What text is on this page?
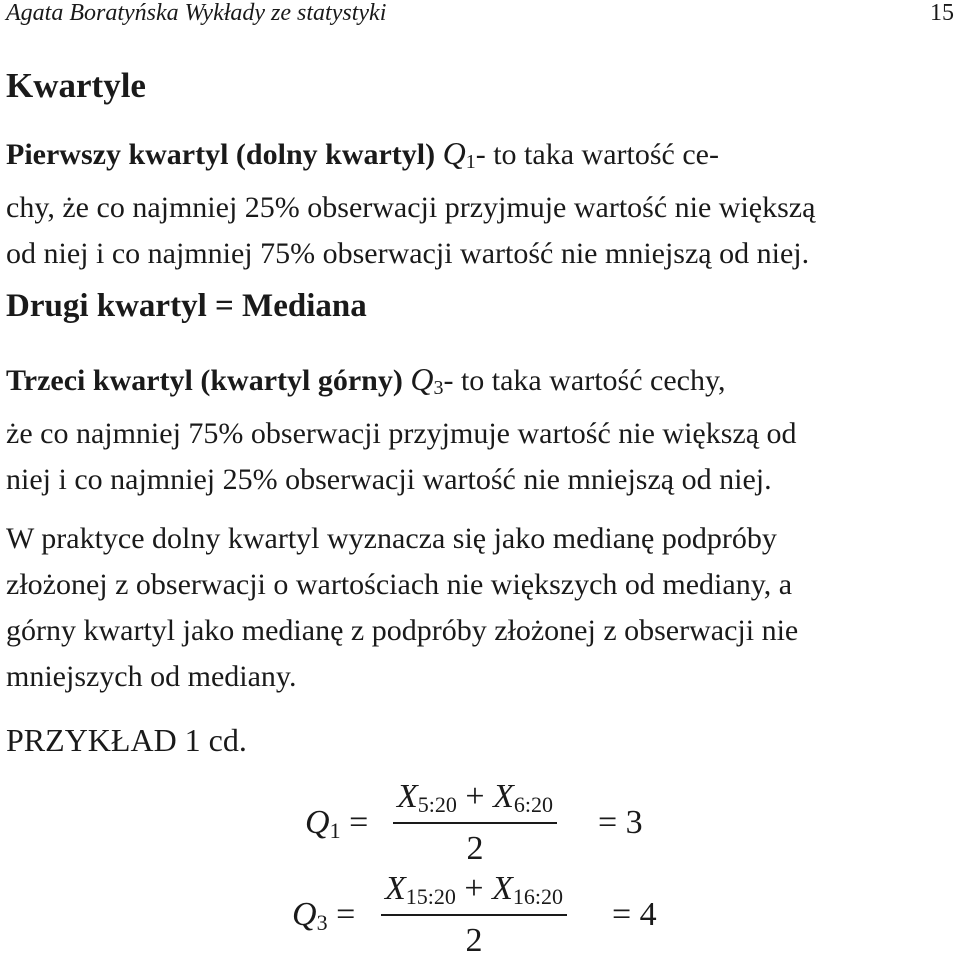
Agata Boratyńska Wykłady ze statystyki	15
Kwartyle
Pierwszy kwartyl (dolny kwartyl) $Q_1-$ to taka wartość ce-
chy, że co najmniej 25% obserwacji przyjmuje wartość nie większą
od niej i co najmniej 75% obserwacji wartość nie mniejszą od niej.
Drugi kwartyl = Mediana
Trzeci kwartyl (kwartyl górny) $Q_3-$ to taka wartość cechy,
że co najmniej 75% obserwacji przyjmuje wartość nie większą od
niej i co najmniej 25% obserwacji wartość nie mniejszą od niej.
W praktyce dolny kwartyl wyznacza się jako medianę podpróby
złożonej z obserwacji o wartościach nie większych od mediany, a
górny kwartyl jako medianę z podpróby złożonej z obserwacji nie
mniejszych od mediany.
PRZYKŁAD 1 cd.
$Q_1$ =
$X_{5:20} + X_{6:20}$
2
= 3
$Q_3$ =
$X_{15:20} + X_{16:20}$
2
= 4
